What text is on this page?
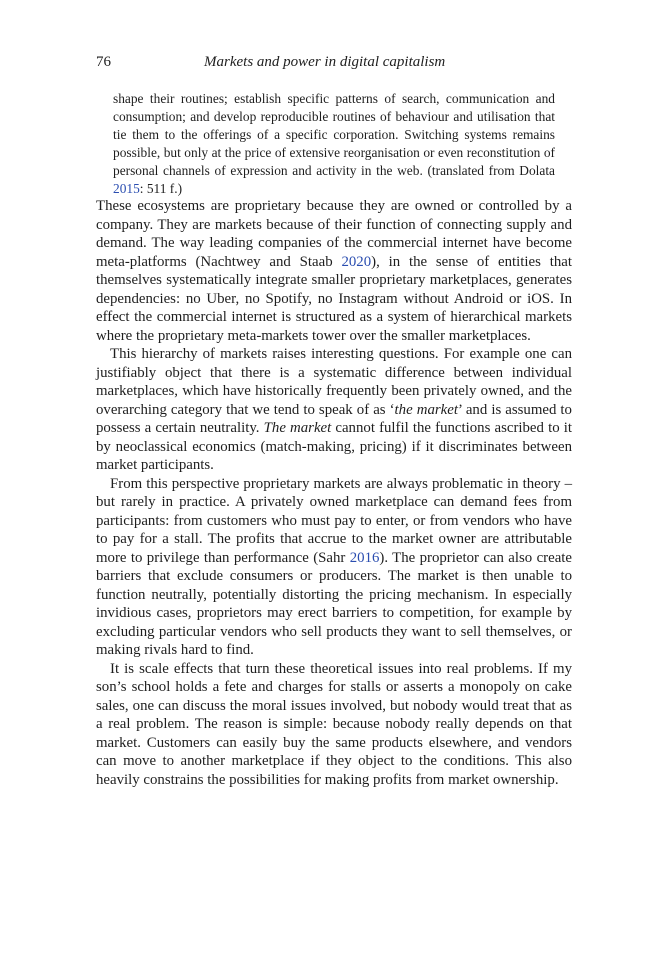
76	Markets and power in digital capitalism
shape their routines; establish specific patterns of search, communication and consumption; and develop reproducible routines of behaviour and utilisation that tie them to the offerings of a specific corporation. Switching systems remains possible, but only at the price of extensive reorganisation or even reconstitution of personal channels of expression and activity in the web. (translated from Dolata 2015: 511 f.)

These ecosystems are proprietary because they are owned or controlled by a company. They are markets because of their function of connecting supply and demand. The way leading companies of the commercial internet have become meta-platforms (Nachtwey and Staab 2020), in the sense of entities that themselves systematically integrate smaller proprietary marketplaces, generates dependencies: no Uber, no Spotify, no Instagram without Android or iOS. In effect the commercial internet is structured as a system of hierarchical markets where the proprietary meta-markets tower over the smaller marketplaces.

This hierarchy of markets raises interesting questions. For example one can justifiably object that there is a systematic difference between individual marketplaces, which have historically frequently been privately owned, and the overarching category that we tend to speak of as ‘the market’ and is assumed to possess a certain neutrality. The market cannot fulfil the functions ascribed to it by neoclassical economics (match-making, pricing) if it discriminates between market participants.

From this perspective proprietary markets are always problematic in theory – but rarely in practice. A privately owned marketplace can demand fees from participants: from customers who must pay to enter, or from vendors who have to pay for a stall. The profits that accrue to the market owner are attributable more to privilege than performance (Sahr 2016). The proprietor can also create barriers that exclude consumers or producers. The market is then unable to function neutrally, potentially distorting the pricing mechanism. In especially invidious cases, proprietors may erect barriers to competition, for example by excluding particular vendors who sell products they want to sell themselves, or making rivals hard to find.

It is scale effects that turn these theoretical issues into real problems. If my son’s school holds a fete and charges for stalls or asserts a monopoly on cake sales, one can discuss the moral issues involved, but nobody would treat that as a real problem. The reason is simple: because nobody really depends on that market. Customers can easily buy the same products elsewhere, and vendors can move to another marketplace if they object to the conditions. This also heavily constrains the possibilities for making profits from market ownership.
